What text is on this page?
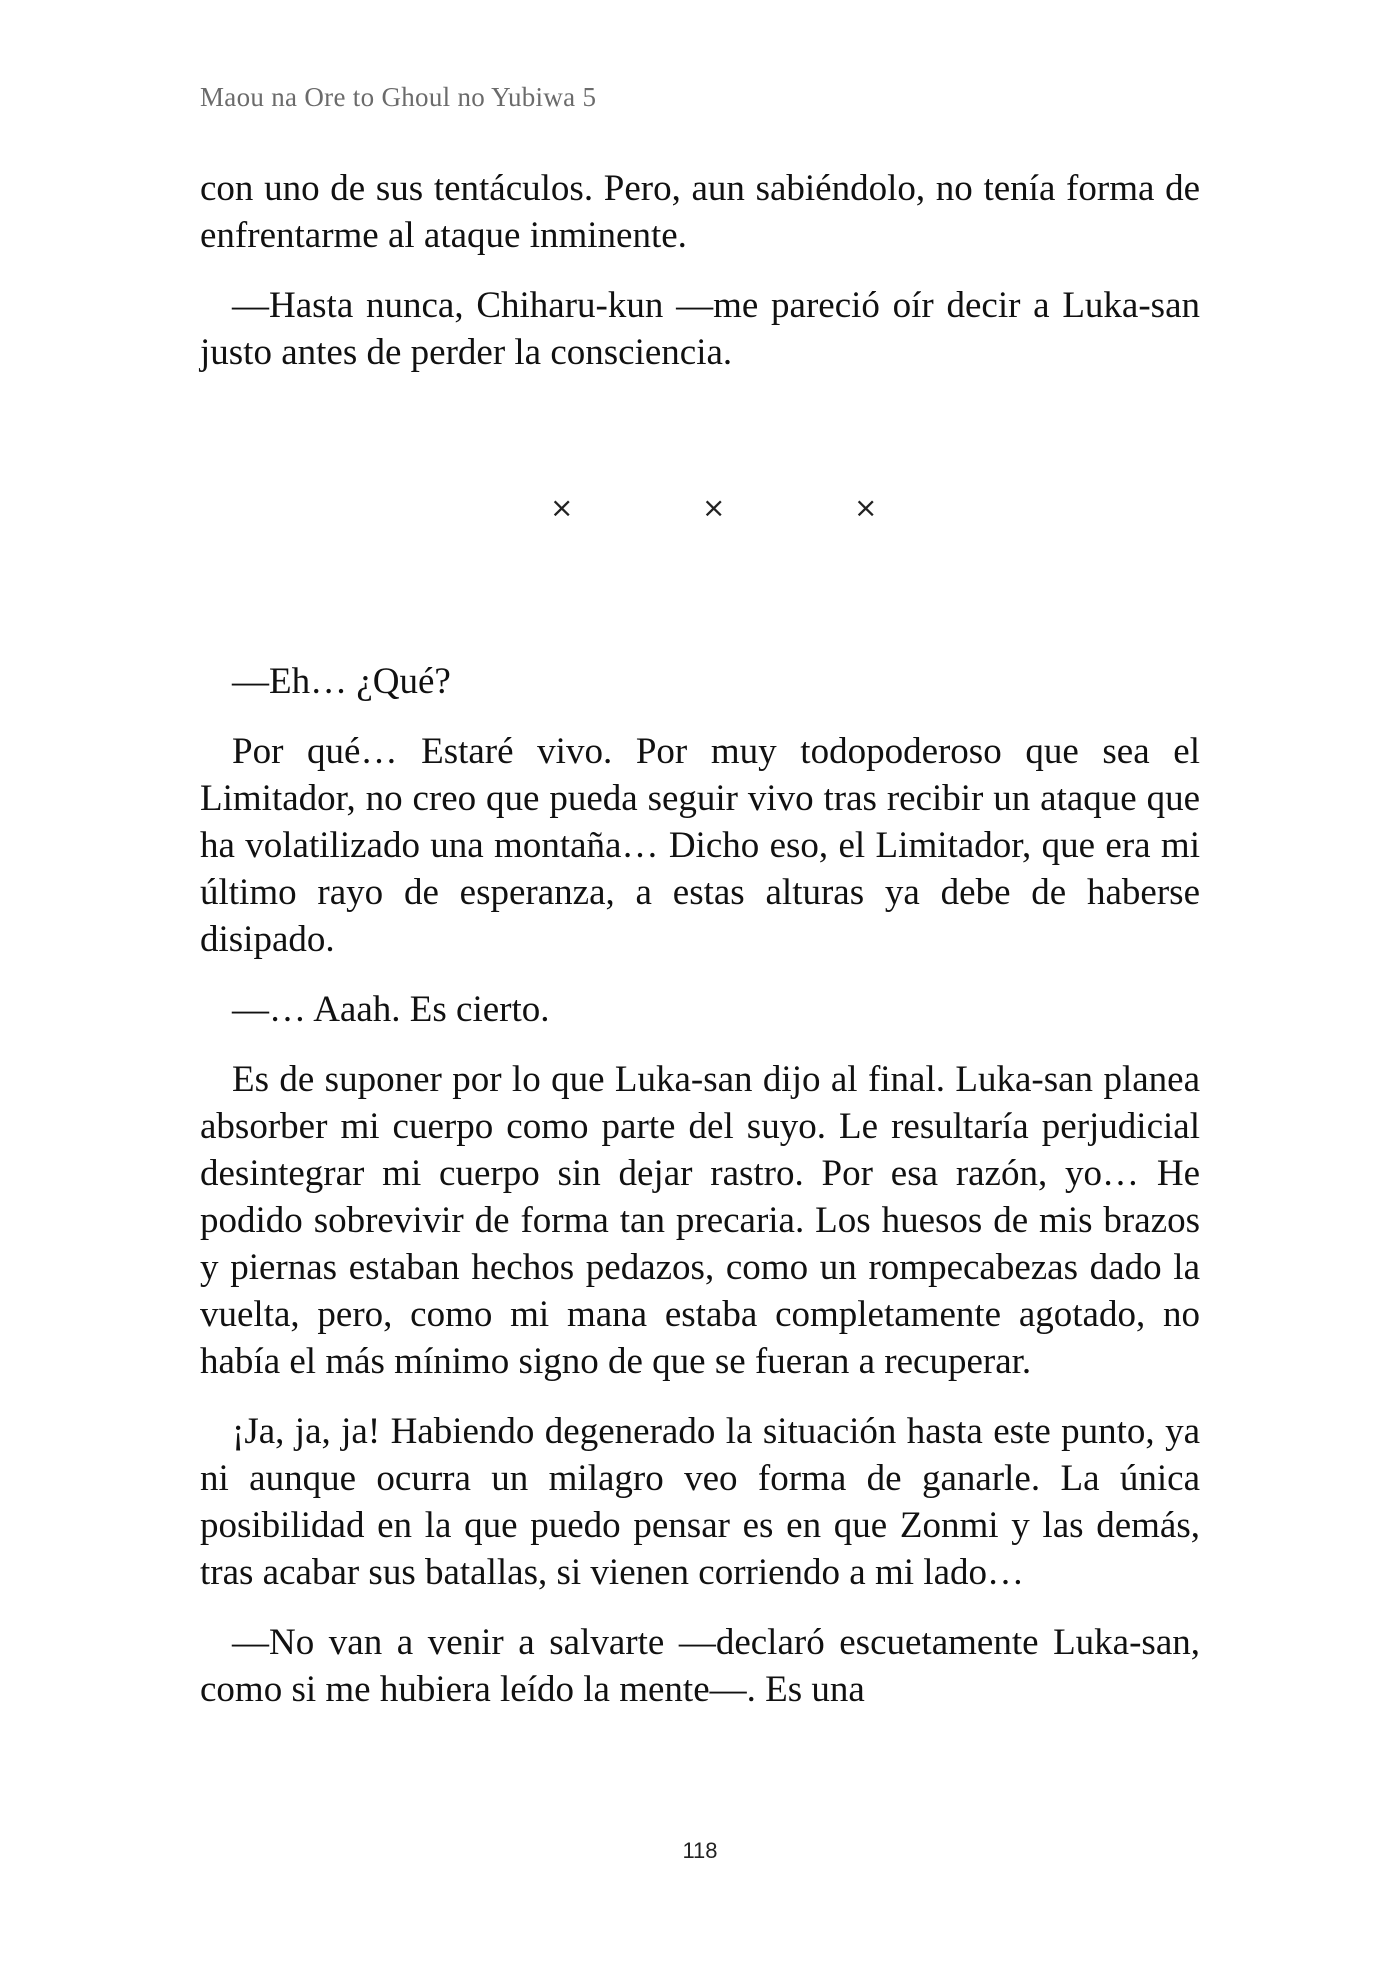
Maou na Ore to Ghoul no Yubiwa 5

con uno de sus tentáculos. Pero, aun sabiéndolo, no tenía forma de enfrentarme al ataque inminente.

—Hasta nunca, Chiharu-kun —me pareció oír decir a Luka-san justo antes de perder la consciencia.

×	×	×

—Eh… ¿Qué?

Por qué… Estaré vivo. Por muy todopoderoso que sea el Limitador, no creo que pueda seguir vivo tras recibir un ataque que ha volatilizado una montaña… Dicho eso, el Limitador, que era mi último rayo de esperanza, a estas alturas ya debe de haberse disipado.

—… Aaah. Es cierto.

Es de suponer por lo que Luka-san dijo al final. Luka-san planea absorber mi cuerpo como parte del suyo. Le resultaría perjudicial desintegrar mi cuerpo sin dejar rastro. Por esa razón, yo… He podido sobrevivir de forma tan precaria. Los huesos de mis brazos y piernas estaban hechos pedazos, como un rompecabezas dado la vuelta, pero, como mi mana estaba completamente agotado, no había el más mínimo signo de que se fueran a recuperar.

¡Ja, ja, ja! Habiendo degenerado la situación hasta este punto, ya ni aunque ocurra un milagro veo forma de ganarle. La única posibilidad en la que puedo pensar es en que Zonmi y las demás, tras acabar sus batallas, si vienen corriendo a mi lado…

—No van a venir a salvarte —declaró escuetamente Luka-san, como si me hubiera leído la mente—. Es una

118
